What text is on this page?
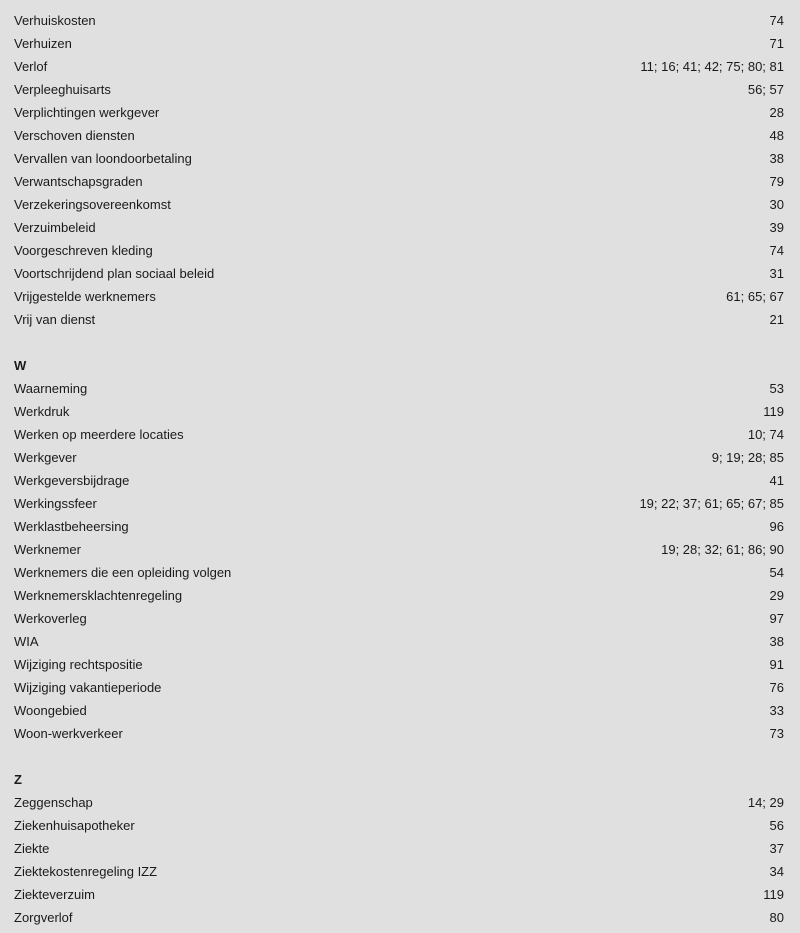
Verhuiskosten	74
Verhuizen	71
Verlof	11; 16; 41; 42; 75; 80; 81
Verpleeghuisarts	56; 57
Verplichtingen werkgever	28
Verschoven diensten	48
Vervallen van loondoorbetaling	38
Verwantschapsgraden	79
Verzekeringsovereenkomst	30
Verzuimbeleid	39
Voorgeschreven kleding	74
Voortschrijdend plan sociaal beleid	31
Vrijgestelde werknemers	61; 65; 67
Vrij van dienst	21
W
Waarneming	53
Werkdruk	119
Werken op meerdere locaties	10; 74
Werkgever	9; 19; 28; 85
Werkgeversbijdrage	41
Werkingssfeer	19; 22; 37; 61; 65; 67; 85
Werklastbeheersing	96
Werknemer	19; 28; 32; 61; 86; 90
Werknemers die een opleiding volgen	54
Werknemersklachtenregeling	29
Werkoverleg	97
WIA	38
Wijziging rechtspositie	91
Wijziging vakantieperiode	76
Woongebied	33
Woon-werkverkeer	73
Z
Zeggenschap	14; 29
Ziekenhuisapotheker	56
Ziekte	37
Ziektekostenregeling IZZ	34
Ziekteverzuim	119
Zorgverlof	80
